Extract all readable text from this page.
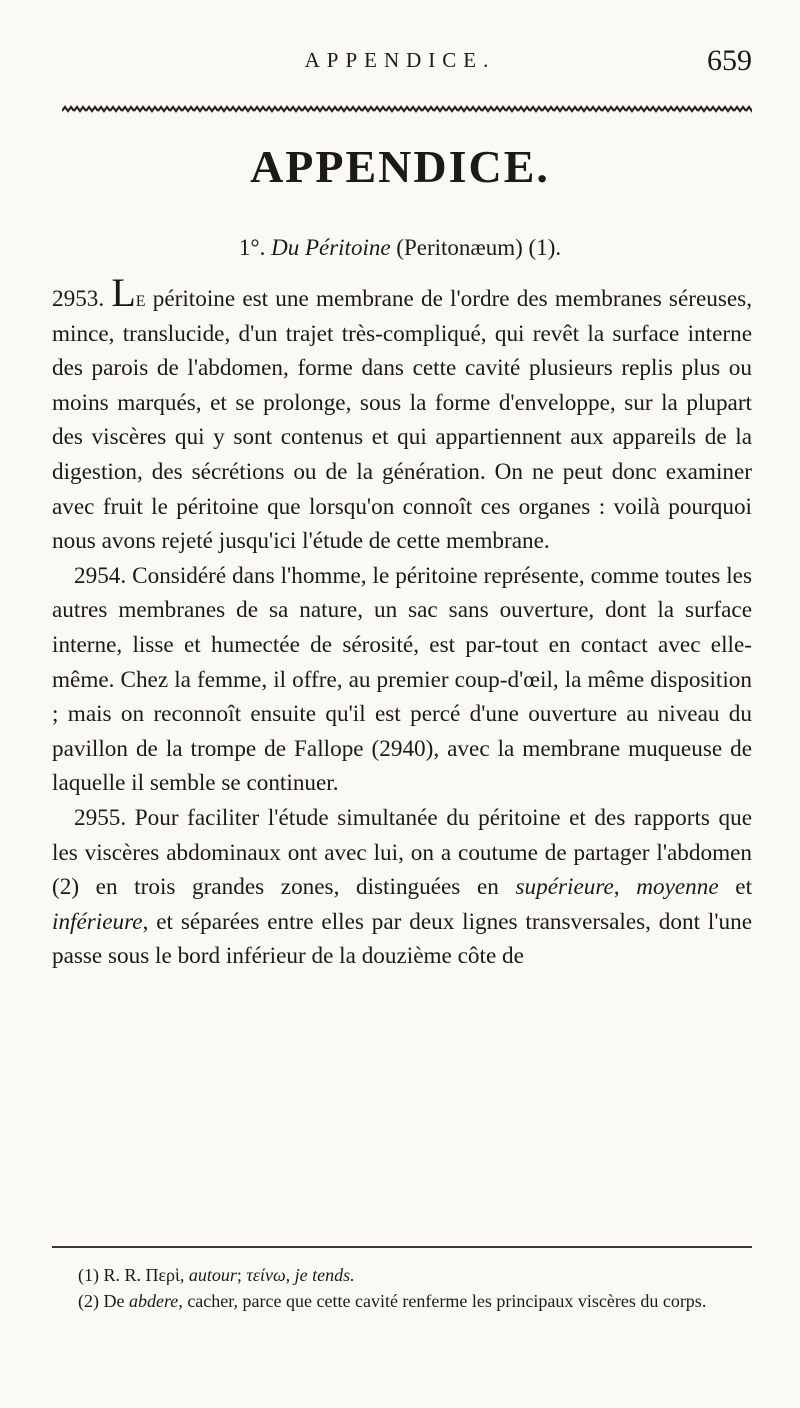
APPENDICE.	659
APPENDICE.
1°. Du Péritoine (Peritonæum) (1).

2953. Le péritoine est une membrane de l'ordre des membranes séreuses, mince, translucide, d'un trajet très-compliqué, qui revêt la surface interne des parois de l'abdomen, forme dans cette cavité plusieurs replis plus ou moins marqués, et se prolonge, sous la forme d'enveloppe, sur la plupart des viscères qui y sont contenus et qui appartiennent aux appareils de la digestion, des sécrétions ou de la génération. On ne peut donc examiner avec fruit le péritoine que lorsqu'on connoît ces organes : voilà pourquoi nous avons rejeté jusqu'ici l'étude de cette membrane.

2954. Considéré dans l'homme, le péritoine représente, comme toutes les autres membranes de sa nature, un sac sans ouverture, dont la surface interne, lisse et humectée de sérosité, est par-tout en contact avec elle-même. Chez la femme, il offre, au premier coup-d'œil, la même disposition ; mais on reconnoît ensuite qu'il est percé d'une ouverture au niveau du pavillon de la trompe de Fallope (2940), avec la membrane muqueuse de laquelle il semble se continuer.

2955. Pour faciliter l'étude simultanée du péritoine et des rapports que les viscères abdominaux ont avec lui, on a coutume de partager l'abdomen (2) en trois grandes zones, distinguées en supérieure, moyenne et inférieure, et séparées entre elles par deux lignes transversales, dont l'une passe sous le bord inférieur de la douzième côte de

(1) R. R. Περὶ, autour; τείνω, je tends.

(2) De abdere, cacher, parce que cette cavité renferme les principaux viscères du corps.
